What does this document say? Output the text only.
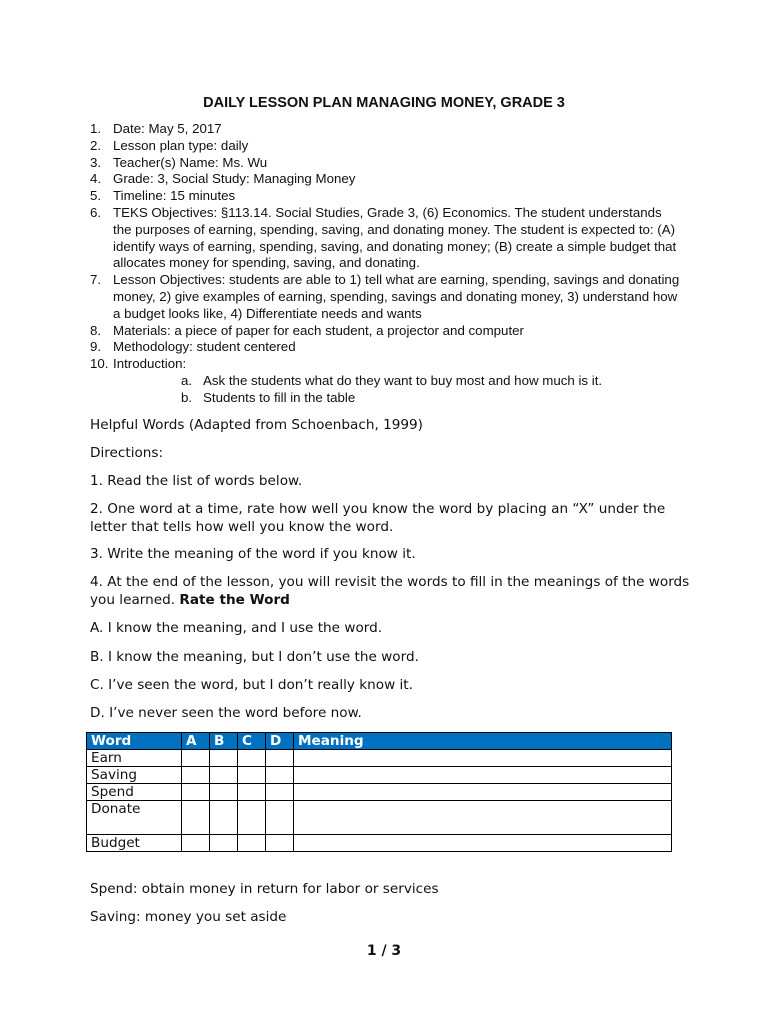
DAILY LESSON PLAN MANAGING MONEY, GRADE 3
1. Date: May 5, 2017
2. Lesson plan type: daily
3. Teacher(s) Name: Ms. Wu
4. Grade: 3, Social Study: Managing Money
5. Timeline: 15 minutes
6. TEKS Objectives: §113.14. Social Studies, Grade 3, (6) Economics. The student understands the purposes of earning, spending, saving, and donating money. The student is expected to: (A) identify ways of earning, spending, saving, and donating money; (B) create a simple budget that allocates money for spending, saving, and donating.
7. Lesson Objectives: students are able to 1) tell what are earning, spending, savings and donating money, 2) give examples of earning, spending, savings and donating money, 3) understand how a budget looks like, 4) Differentiate needs and wants
8. Materials: a piece of paper for each student, a projector and computer
9. Methodology: student centered
10. Introduction:
a. Ask the students what do they want to buy most and how much is it.
b. Students to fill in the table

Helpful Words (Adapted from Schoenbach, 1999)

Directions:

1. Read the list of words below.

2. One word at a time, rate how well you know the word by placing an “X” under the letter that tells how well you know the word.

3. Write the meaning of the word if you know it.

4. At the end of the lesson, you will revisit the words to fill in the meanings of the words you learned. Rate the Word

A. I know the meaning, and I use the word.

B. I know the meaning, but I don’t use the word.

C. I’ve seen the word, but I don’t really know it.

D. I’ve never seen the word before now.

Word	A	B	C	D	Meaning
Earn					
Saving					
Spend					
Donate					
Budget					

Spend: obtain money in return for labor or services

Saving: money you set aside

1 / 3
